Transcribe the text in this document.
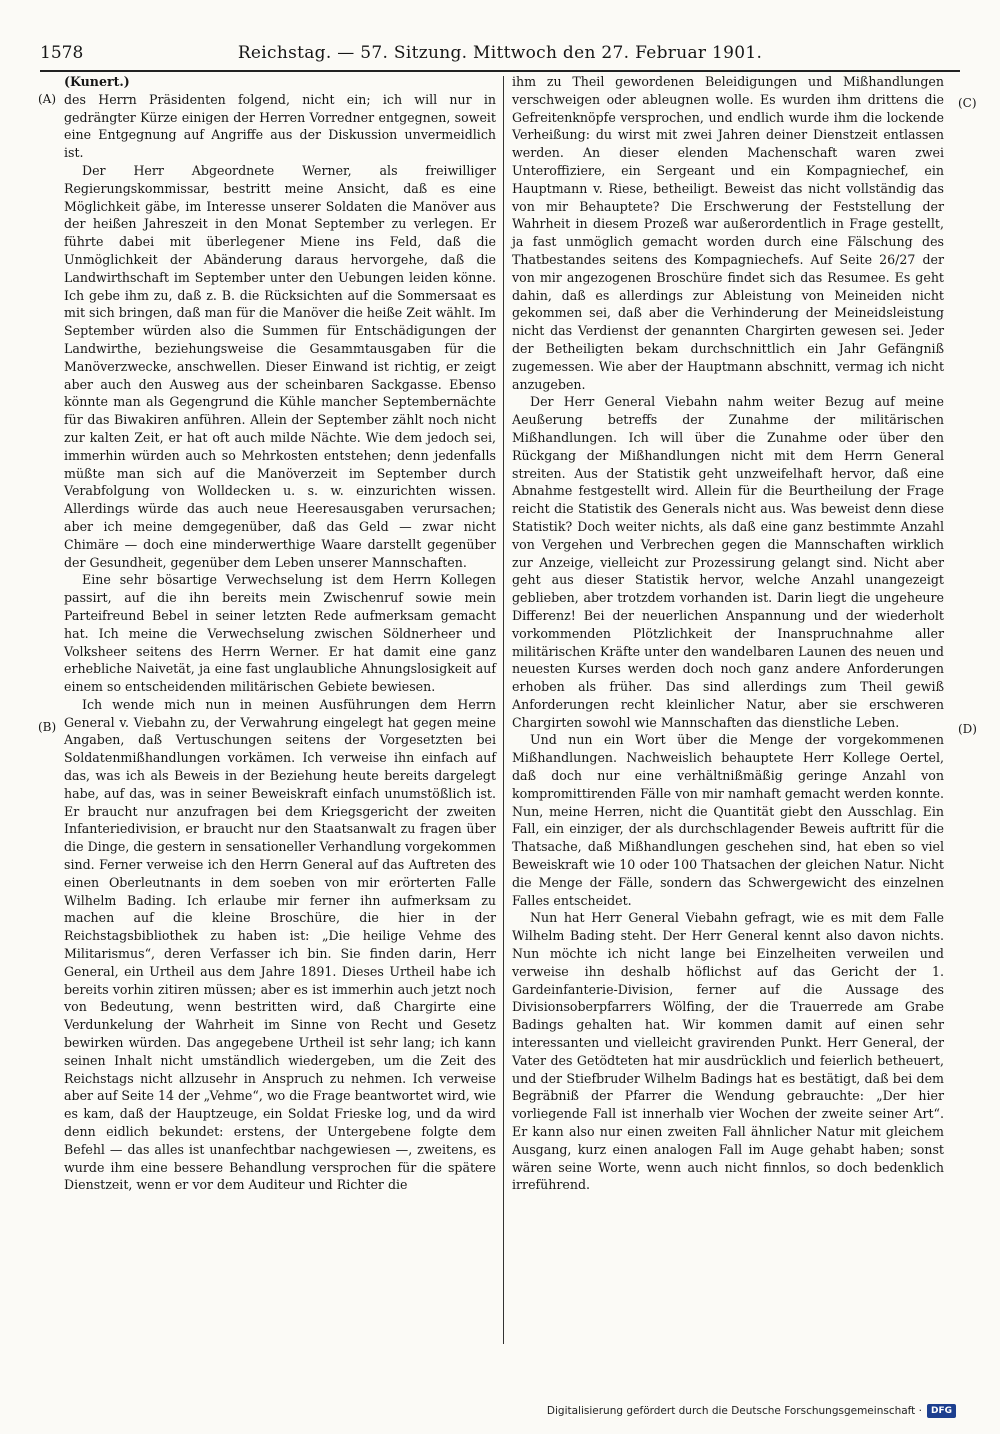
1578	Reichstag. — 57. Sitzung. Mittwoch den 27. Februar 1901.
(A)
(B)
(C)
(D)

(Kunert.)

des Herrn Präsidenten folgend, nicht ein; ich will nur in gedrängter Kürze einigen der Herren Vorredner entgegnen, soweit eine Entgegnung auf Angriffe aus der Diskussion unvermeidlich ist.

Der Herr Abgeordnete Werner, als freiwilliger Regierungskommissar, bestritt meine Ansicht, daß es eine Möglichkeit gäbe, im Interesse unserer Soldaten die Manöver aus der heißen Jahreszeit in den Monat September zu verlegen. Er führte dabei mit überlegener Miene ins Feld, daß die Unmöglichkeit der Abänderung daraus hervorgehe, daß die Landwirthschaft im September unter den Uebungen leiden könne. Ich gebe ihm zu, daß z. B. die Rücksichten auf die Sommersaat es mit sich bringen, daß man für die Manöver die heiße Zeit wählt. Im September würden also die Summen für Entschädigungen der Landwirthe, beziehungsweise die Gesammtausgaben für die Manöverzwecke, anschwellen. Dieser Einwand ist richtig, er zeigt aber auch den Ausweg aus der scheinbaren Sackgasse. Ebenso könnte man als Gegengrund die Kühle mancher Septembernächte für das Biwakiren anführen. Allein der September zählt noch nicht zur kalten Zeit, er hat oft auch milde Nächte. Wie dem jedoch sei, immerhin würden auch so Mehrkosten entstehen; denn jedenfalls müßte man sich auf die Manöverzeit im September durch Verabfolgung von Wolldecken u. s. w. einzurichten wissen. Allerdings würde das auch neue Heeresausgaben verursachen; aber ich meine demgegenüber, daß das Geld — zwar nicht Chimäre — doch eine minderwerthige Waare darstellt gegenüber der Gesundheit, gegenüber dem Leben unserer Mannschaften.

Eine sehr bösartige Verwechselung ist dem Herrn Kollegen passirt, auf die ihn bereits mein Zwischenruf sowie mein Parteifreund Bebel in seiner letzten Rede aufmerksam gemacht hat. Ich meine die Verwechselung zwischen Söldnerheer und Volksheer seitens des Herrn Werner. Er hat damit eine ganz erhebliche Naivetät, ja eine fast unglaubliche Ahnungslosigkeit auf einem so entscheidenden militärischen Gebiete bewiesen.

Ich wende mich nun in meinen Ausführungen dem Herrn General v. Viebahn zu, der Verwahrung eingelegt hat gegen meine Angaben, daß Vertuschungen seitens der Vorgesetzten bei Soldatenmißhandlungen vorkämen. Ich verweise ihn einfach auf das, was ich als Beweis in der Beziehung heute bereits dargelegt habe, auf das, was in seiner Beweiskraft einfach unumstößlich ist. Er braucht nur anzufragen bei dem Kriegsgericht der zweiten Infanteriedivision, er braucht nur den Staatsanwalt zu fragen über die Dinge, die gestern in sensationeller Verhandlung vorgekommen sind. Ferner verweise ich den Herrn General auf das Auftreten des einen Oberleutnants in dem soeben von mir erörterten Falle Wilhelm Bading. Ich erlaube mir ferner ihn aufmerksam zu machen auf die kleine Broschüre, die hier in der Reichstagsbibliothek zu haben ist: „Die heilige Vehme des Militarismus“, deren Verfasser ich bin. Sie finden darin, Herr General, ein Urtheil aus dem Jahre 1891. Dieses Urtheil habe ich bereits vorhin zitiren müssen; aber es ist immerhin auch jetzt noch von Bedeutung, wenn bestritten wird, daß Chargirte eine Verdunkelung der Wahrheit im Sinne von Recht und Gesetz bewirken würden. Das angegebene Urtheil ist sehr lang; ich kann seinen Inhalt nicht umständlich wiedergeben, um die Zeit des Reichstags nicht allzusehr in Anspruch zu nehmen. Ich verweise aber auf Seite 14 der „Vehme“, wo die Frage beantwortet wird, wie es kam, daß der Hauptzeuge, ein Soldat Frieske log, und da wird denn eidlich bekundet: erstens, der Untergebene folgte dem Befehl — das alles ist unanfechtbar nachgewiesen —, zweitens, es wurde ihm eine bessere Behandlung versprochen für die spätere Dienstzeit, wenn er vor dem Auditeur und Richter die

ihm zu Theil gewordenen Beleidigungen und Mißhandlungen verschweigen oder ableugnen wolle. Es wurden ihm drittens die Gefreitenknöpfe versprochen, und endlich wurde ihm die lockende Verheißung: du wirst mit zwei Jahren deiner Dienstzeit entlassen werden. An dieser elenden Machenschaft waren zwei Unteroffiziere, ein Sergeant und ein Kompagniechef, ein Hauptmann v. Riese, betheiligt. Beweist das nicht vollständig das von mir Behauptete? Die Erschwerung der Feststellung der Wahrheit in diesem Prozeß war außerordentlich in Frage gestellt, ja fast unmöglich gemacht worden durch eine Fälschung des Thatbestandes seitens des Kompagniechefs. Auf Seite 26/27 der von mir angezogenen Broschüre findet sich das Resumee. Es geht dahin, daß es allerdings zur Ableistung von Meineiden nicht gekommen sei, daß aber die Verhinderung der Meineidsleistung nicht das Verdienst der genannten Chargirten gewesen sei. Jeder der Betheiligten bekam durchschnittlich ein Jahr Gefängniß zugemessen. Wie aber der Hauptmann abschnitt, vermag ich nicht anzugeben.

Der Herr General Viebahn nahm weiter Bezug auf meine Aeußerung betreffs der Zunahme der militärischen Mißhandlungen. Ich will über die Zunahme oder über den Rückgang der Mißhandlungen nicht mit dem Herrn General streiten. Aus der Statistik geht unzweifelhaft hervor, daß eine Abnahme festgestellt wird. Allein für die Beurtheilung der Frage reicht die Statistik des Generals nicht aus. Was beweist denn diese Statistik? Doch weiter nichts, als daß eine ganz bestimmte Anzahl von Vergehen und Verbrechen gegen die Mannschaften wirklich zur Anzeige, vielleicht zur Prozessirung gelangt sind. Nicht aber geht aus dieser Statistik hervor, welche Anzahl unangezeigt geblieben, aber trotzdem vorhanden ist. Darin liegt die ungeheure Differenz! Bei der neuerlichen Anspannung und der wiederholt vorkommenden Plötzlichkeit der Inanspruchnahme aller militärischen Kräfte unter den wandelbaren Launen des neuen und neuesten Kurses werden doch noch ganz andere Anforderungen erhoben als früher. Das sind allerdings zum Theil gewiß Anforderungen recht kleinlicher Natur, aber sie erschweren Chargirten sowohl wie Mannschaften das dienstliche Leben.

Und nun ein Wort über die Menge der vorgekommenen Mißhandlungen. Nachweislich behauptete Herr Kollege Oertel, daß doch nur eine verhältnißmäßig geringe Anzahl von kompromittirenden Fälle von mir namhaft gemacht werden konnte. Nun, meine Herren, nicht die Quantität giebt den Ausschlag. Ein Fall, ein einziger, der als durchschlagender Beweis auftritt für die Thatsache, daß Mißhandlungen geschehen sind, hat eben so viel Beweiskraft wie 10 oder 100 Thatsachen der gleichen Natur. Nicht die Menge der Fälle, sondern das Schwergewicht des einzelnen Falles entscheidet.

Nun hat Herr General Viebahn gefragt, wie es mit dem Falle Wilhelm Bading steht. Der Herr General kennt also davon nichts. Nun möchte ich nicht lange bei Einzelheiten verweilen und verweise ihn deshalb höflichst auf das Gericht der 1. Gardeinfanterie-Division, ferner auf die Aussage des Divisionsoberpfarrers Wölfing, der die Trauerrede am Grabe Badings gehalten hat. Wir kommen damit auf einen sehr interessanten und vielleicht gravirenden Punkt. Herr General, der Vater des Getödteten hat mir ausdrücklich und feierlich betheuert, und der Stiefbruder Wilhelm Badings hat es bestätigt, daß bei dem Begräbniß der Pfarrer die Wendung gebrauchte: „Der hier vorliegende Fall ist innerhalb vier Wochen der zweite seiner Art“. Er kann also nur einen zweiten Fall ähnlicher Natur mit gleichem Ausgang, kurz einen analogen Fall im Auge gehabt haben; sonst wären seine Worte, wenn auch nicht finnlos, so doch bedenklich irreführend.

Digitalisierung gefördert durch die Deutsche Forschungsgemeinschaft ·	DFG
